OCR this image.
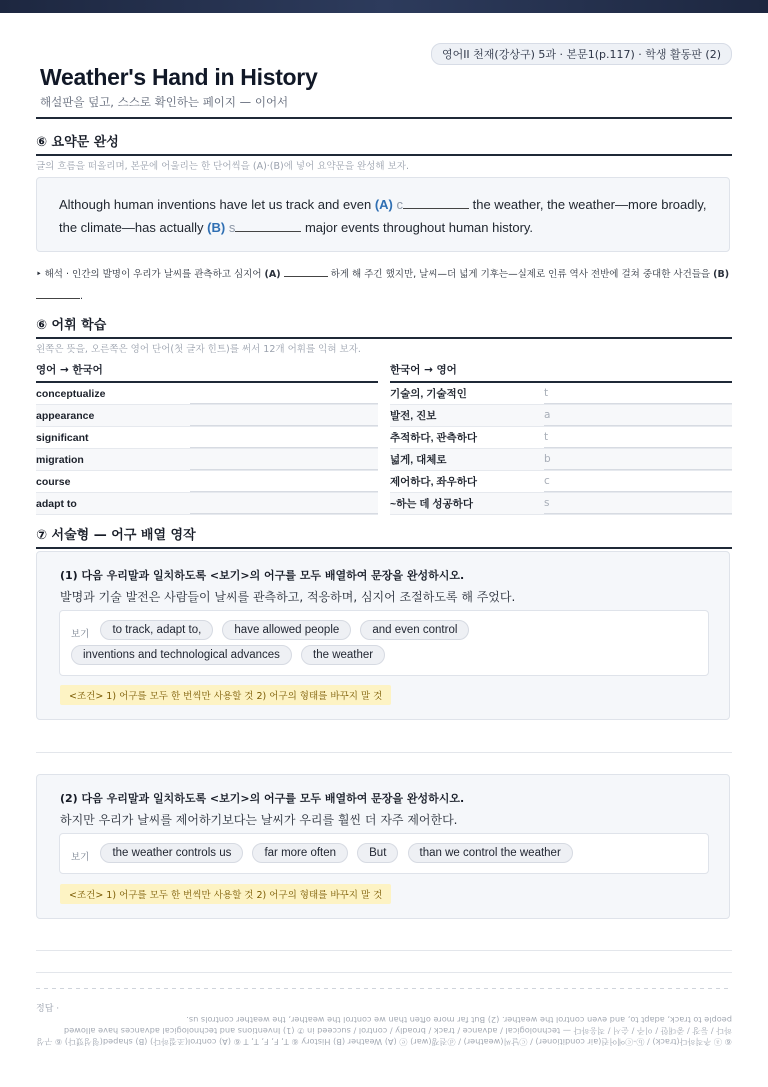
영어II 천재(강상구) 5과 · 본문1(p.117) · 학생 활동판 (2)
Weather's Hand in History
해설판을 덮고, 스스로 확인하는 페이지 — 이어서
⑥ 요약문 완성
글의 흐름을 떠올리며, 본문에 어울리는 한 단어씩을 (A)·(B)에 넣어 요약문을 완성해 보자.
Although human inventions have let us track and even (A) c	the weather, the weather—more broadly, the climate—has actually (B) s	major events throughout human history.
‣ 해석 · 인간의 발명이 우리가 날씨를 관측하고 심지어 (A)	하게 해 주긴 했지만, 날씨—더 넓게 기후는—실제로 인류 역사 전반에 걸쳐 중대한 사건들을 (B)
.
⑥ 어휘 학습
왼쪽은 뜻을, 오른쪽은 영어 단어(첫 글자 힌트)를 써서 12개 어휘를 익혀 보자.
영어 → 한국어
conceptualize
appearance
significant
migration
course
adapt to
한국어 → 영어
기술의, 기술적인	t
발전, 진보	a
추적하다, 관측하다	t
넓게, 대체로	b
제어하다, 좌우하다	c
~하는 데 성공하다	s
⑦ 서술형 — 어구 배열 영작
(1) 다음 우리말과 일치하도록 <보기>의 어구를 모두 배열하여 문장을 완성하시오.
발명과 기술 발전은 사람들이 날씨를 관측하고, 적응하며, 심지어 조절하도록 해 주었다.
보기 to track, adapt to,	have allowed people	and even control inventions and technological advances	the weather
<조건> 1) 어구를 모두 한 번씩만 사용할 것 2) 어구의 형태를 바꾸지 말 것
(2) 다음 우리말과 일치하도록 <보기>의 어구를 모두 배열하여 문장을 완성하시오.
하지만 우리가 날씨를 제어하기보다는 날씨가 우리를 훨씬 더 자주 제어한다.
보기 the weather controls us	far more often	But	than we control the weather
<조건> 1) 어구를 모두 한 번씩만 사용할 것 2) 어구의 형태를 바꾸지 말 것
정답 ·
⑥ ⓐ 추적하다(track) / ⓑ-ⓒ에어컨(air conditioner) / ⓒ날씨(weather) / ⓓ전쟁(war) ⓔ (A) Weather (B) History ⑥ T, F, F, T, T ⑥ (A) control(조절하다) (B) shaped(형성했다) ⑥ 구성하다 / 등장 / 중대한 / 이주 / 순서 / 적응하다 — technological / advance / track / broadly / control / succeed in ⑦ (1) Inventions and technological advances have allowed people to track, adapt to, and even control the weather. (2) But far more often than we control the weather, the weather controls us.
